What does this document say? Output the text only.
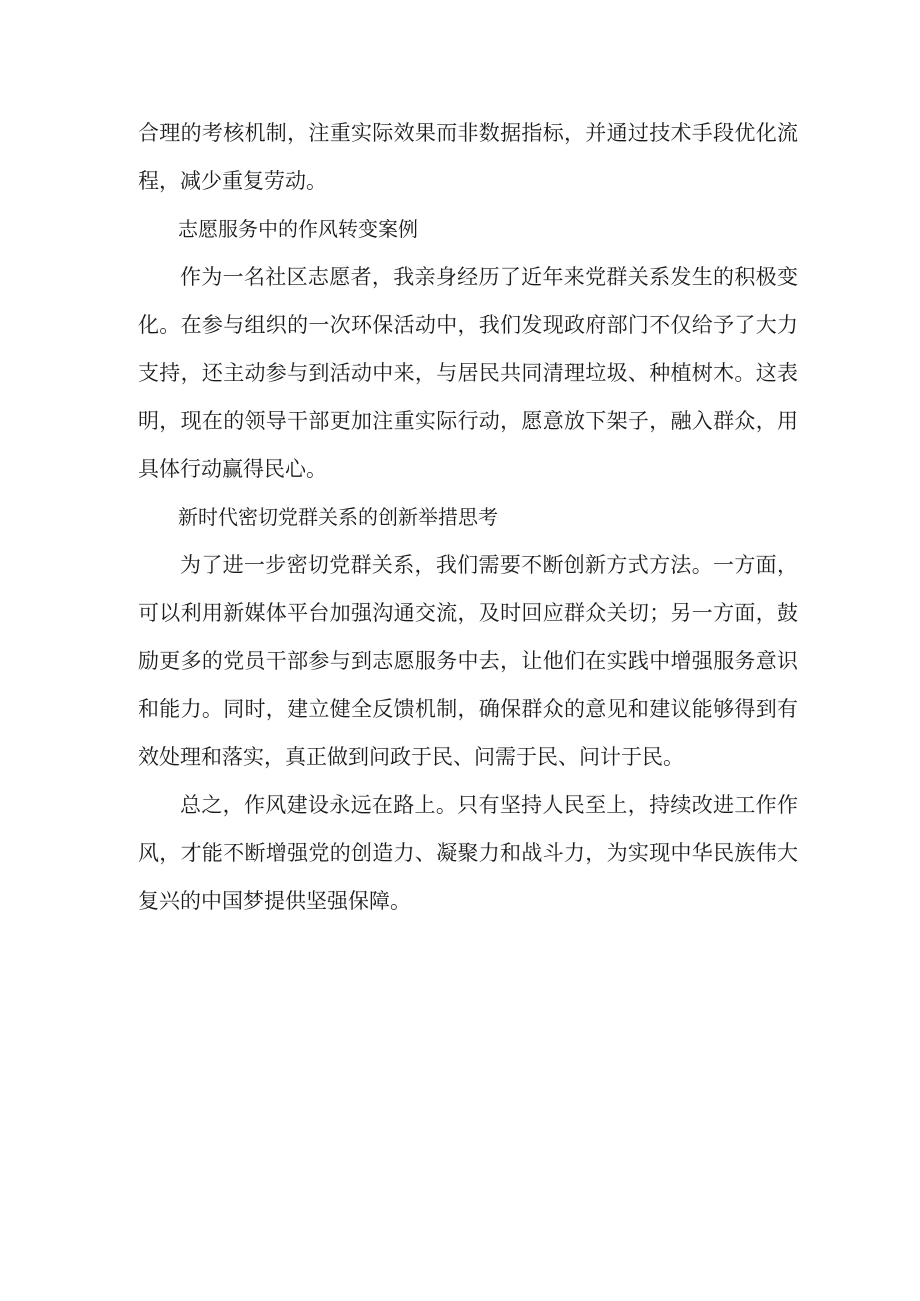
合理的考核机制，注重实际效果而非数据指标，并通过技术手段优化流程，减少重复劳动。

志愿服务中的作风转变案例

作为一名社区志愿者，我亲身经历了近年来党群关系发生的积极变化。在参与组织的一次环保活动中，我们发现政府部门不仅给予了大力支持，还主动参与到活动中来，与居民共同清理垃圾、种植树木。这表明，现在的领导干部更加注重实际行动，愿意放下架子，融入群众，用具体行动赢得民心。

新时代密切党群关系的创新举措思考

为了进一步密切党群关系，我们需要不断创新方式方法。一方面，可以利用新媒体平台加强沟通交流，及时回应群众关切；另一方面，鼓励更多的党员干部参与到志愿服务中去，让他们在实践中增强服务意识和能力。同时，建立健全反馈机制，确保群众的意见和建议能够得到有效处理和落实，真正做到问政于民、问需于民、问计于民。

总之，作风建设永远在路上。只有坚持人民至上，持续改进工作作风，才能不断增强党的创造力、凝聚力和战斗力，为实现中华民族伟大复兴的中国梦提供坚强保障。
